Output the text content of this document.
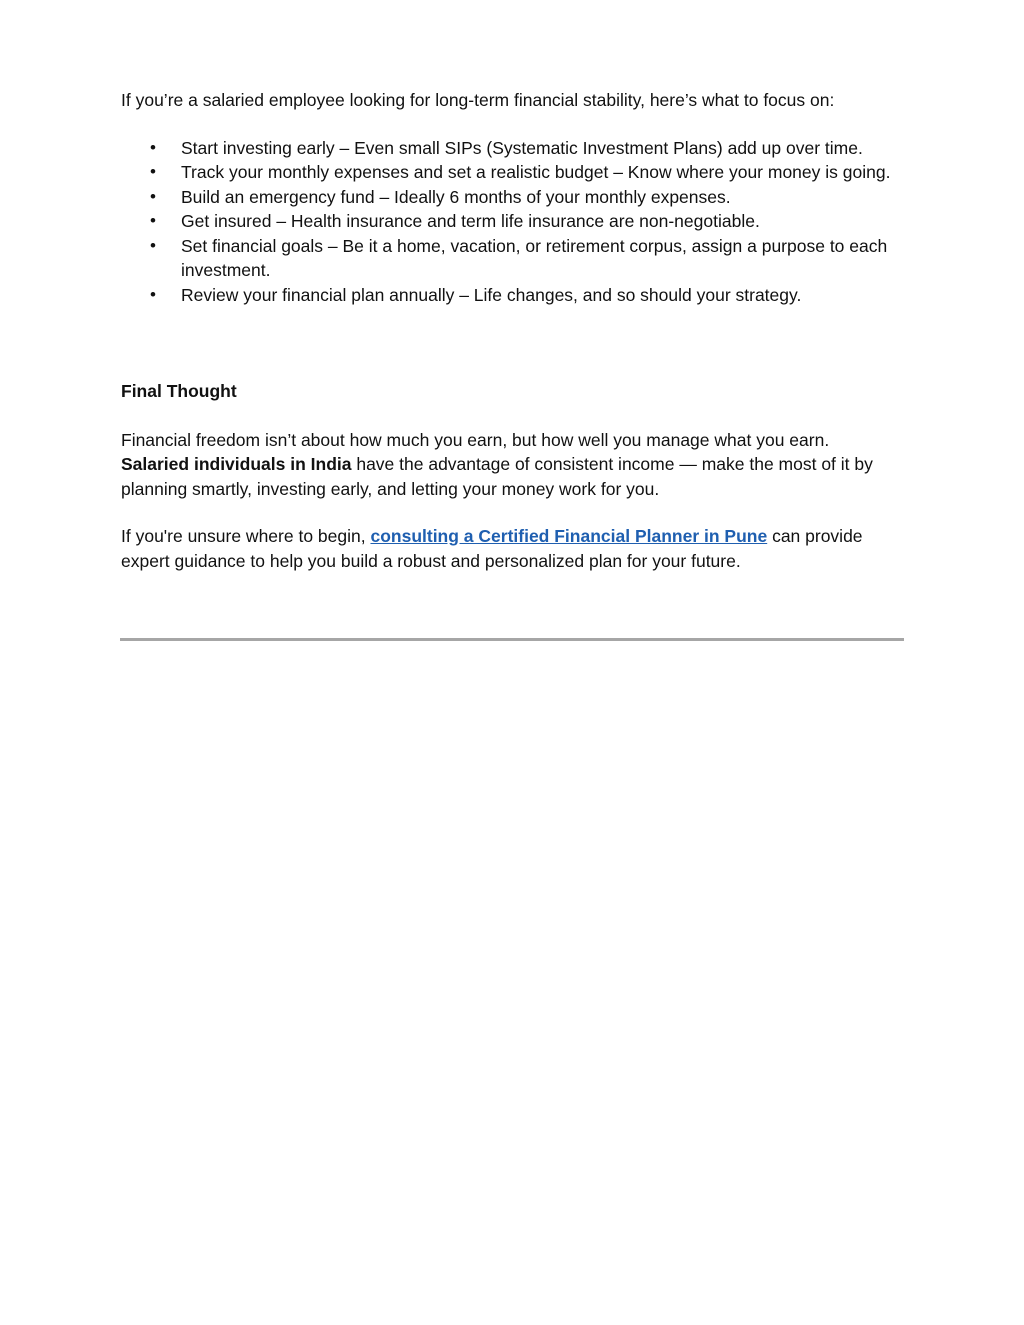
If you’re a salaried employee looking for long-term financial stability, here’s what to focus on:

• Start investing early – Even small SIPs (Systematic Investment Plans) add up over time.
• Track your monthly expenses and set a realistic budget – Know where your money is going.
• Build an emergency fund – Ideally 6 months of your monthly expenses.
• Get insured – Health insurance and term life insurance are non-negotiable.
• Set financial goals – Be it a home, vacation, or retirement corpus, assign a purpose to each investment.
• Review your financial plan annually – Life changes, and so should your strategy.

Final Thought

Financial freedom isn’t about how much you earn, but how well you manage what you earn.
Salaried individuals in India have the advantage of consistent income — make the most of it by planning smartly, investing early, and letting your money work for you.

If you're unsure where to begin, consulting a Certified Financial Planner in Pune can provide expert guidance to help you build a robust and personalized plan for your future.
